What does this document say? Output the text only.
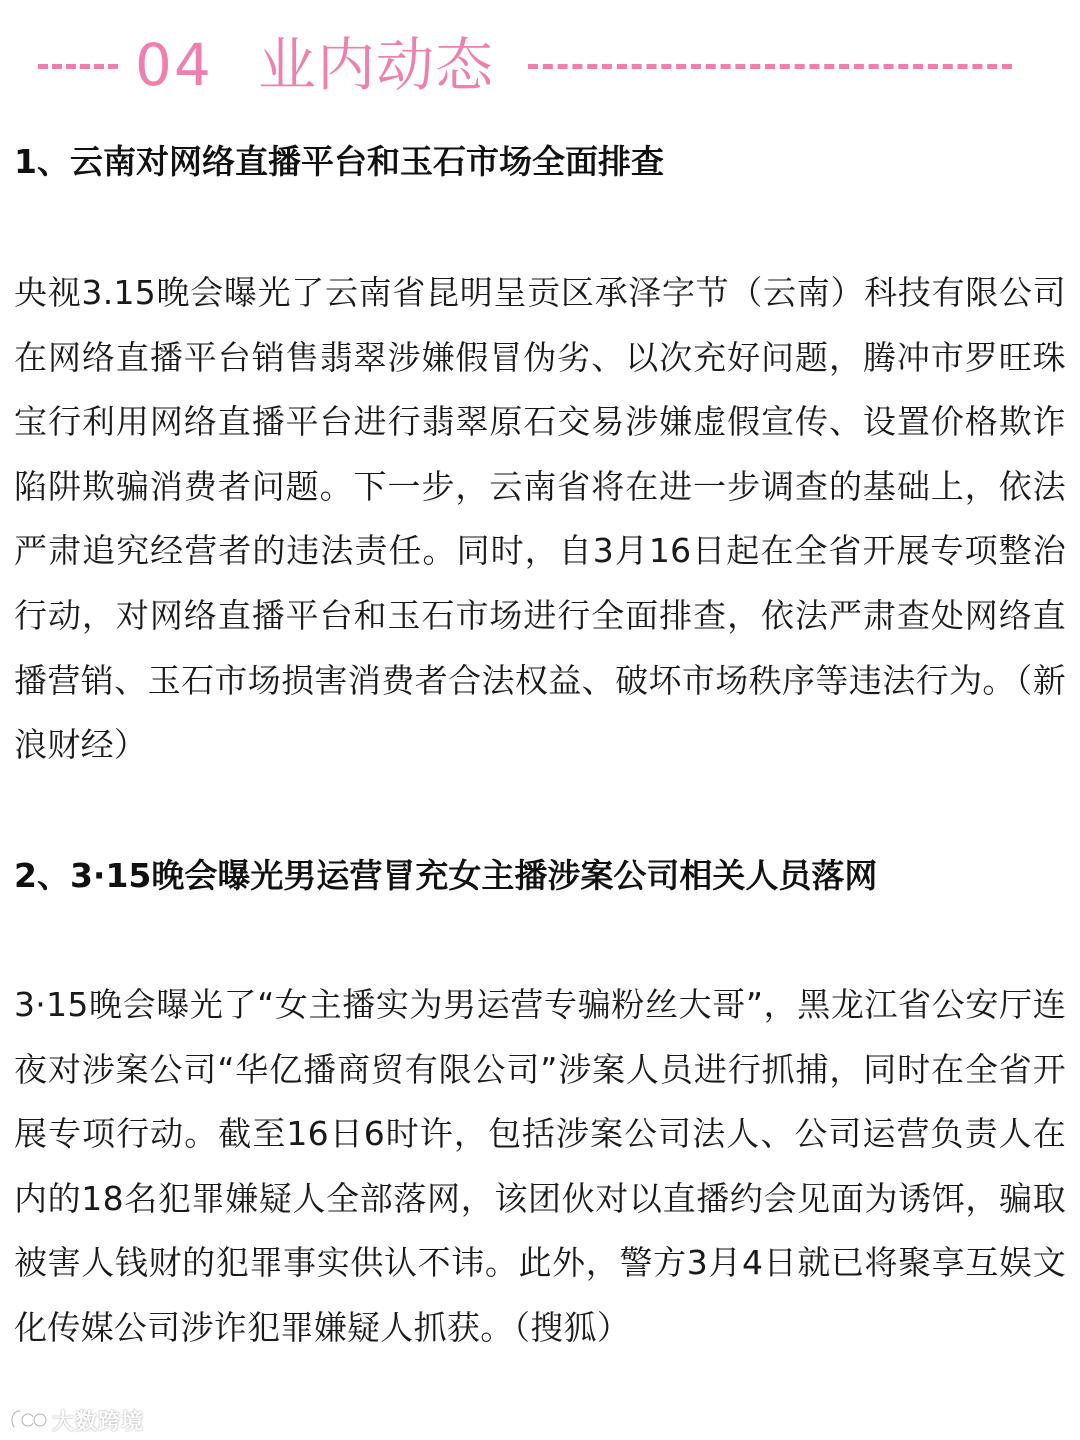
04 业内动态
1、云南对网络直播平台和玉石市场全面排查
央视3.15晚会曝光了云南省昆明呈贡区承泽字节（云南）科技有限公司在网络直播平台销售翡翠涉嫌假冒伪劣、以次充好问题，腾冲市罗旺珠宝行利用网络直播平台进行翡翠原石交易涉嫌虚假宣传、设置价格欺诈陷阱欺骗消费者问题。下一步，云南省将在进一步调查的基础上，依法严肃追究经营者的违法责任。同时，自3月16日起在全省开展专项整治行动，对网络直播平台和玉石市场进行全面排查，依法严肃查处网络直播营销、玉石市场损害消费者合法权益、破坏市场秩序等违法行为。（新浪财经）
2、3·15晚会曝光男运营冒充女主播涉案公司相关人员落网
3·15晚会曝光了“女主播实为男运营专骗粉丝大哥”，黑龙江省公安厅连夜对涉案公司“华亿播商贸有限公司”涉案人员进行抓捕，同时在全省开展专项行动。截至16日6时许，包括涉案公司法人、公司运营负责人在内的18名犯罪嫌疑人全部落网，该团伙对以直播约会见面为诱饵，骗取被害人钱财的犯罪事实供认不讳。此外，警方3月4日就已将聚享互娱文化传媒公司涉诈犯罪嫌疑人抓获。（搜狐）
大数跨境
